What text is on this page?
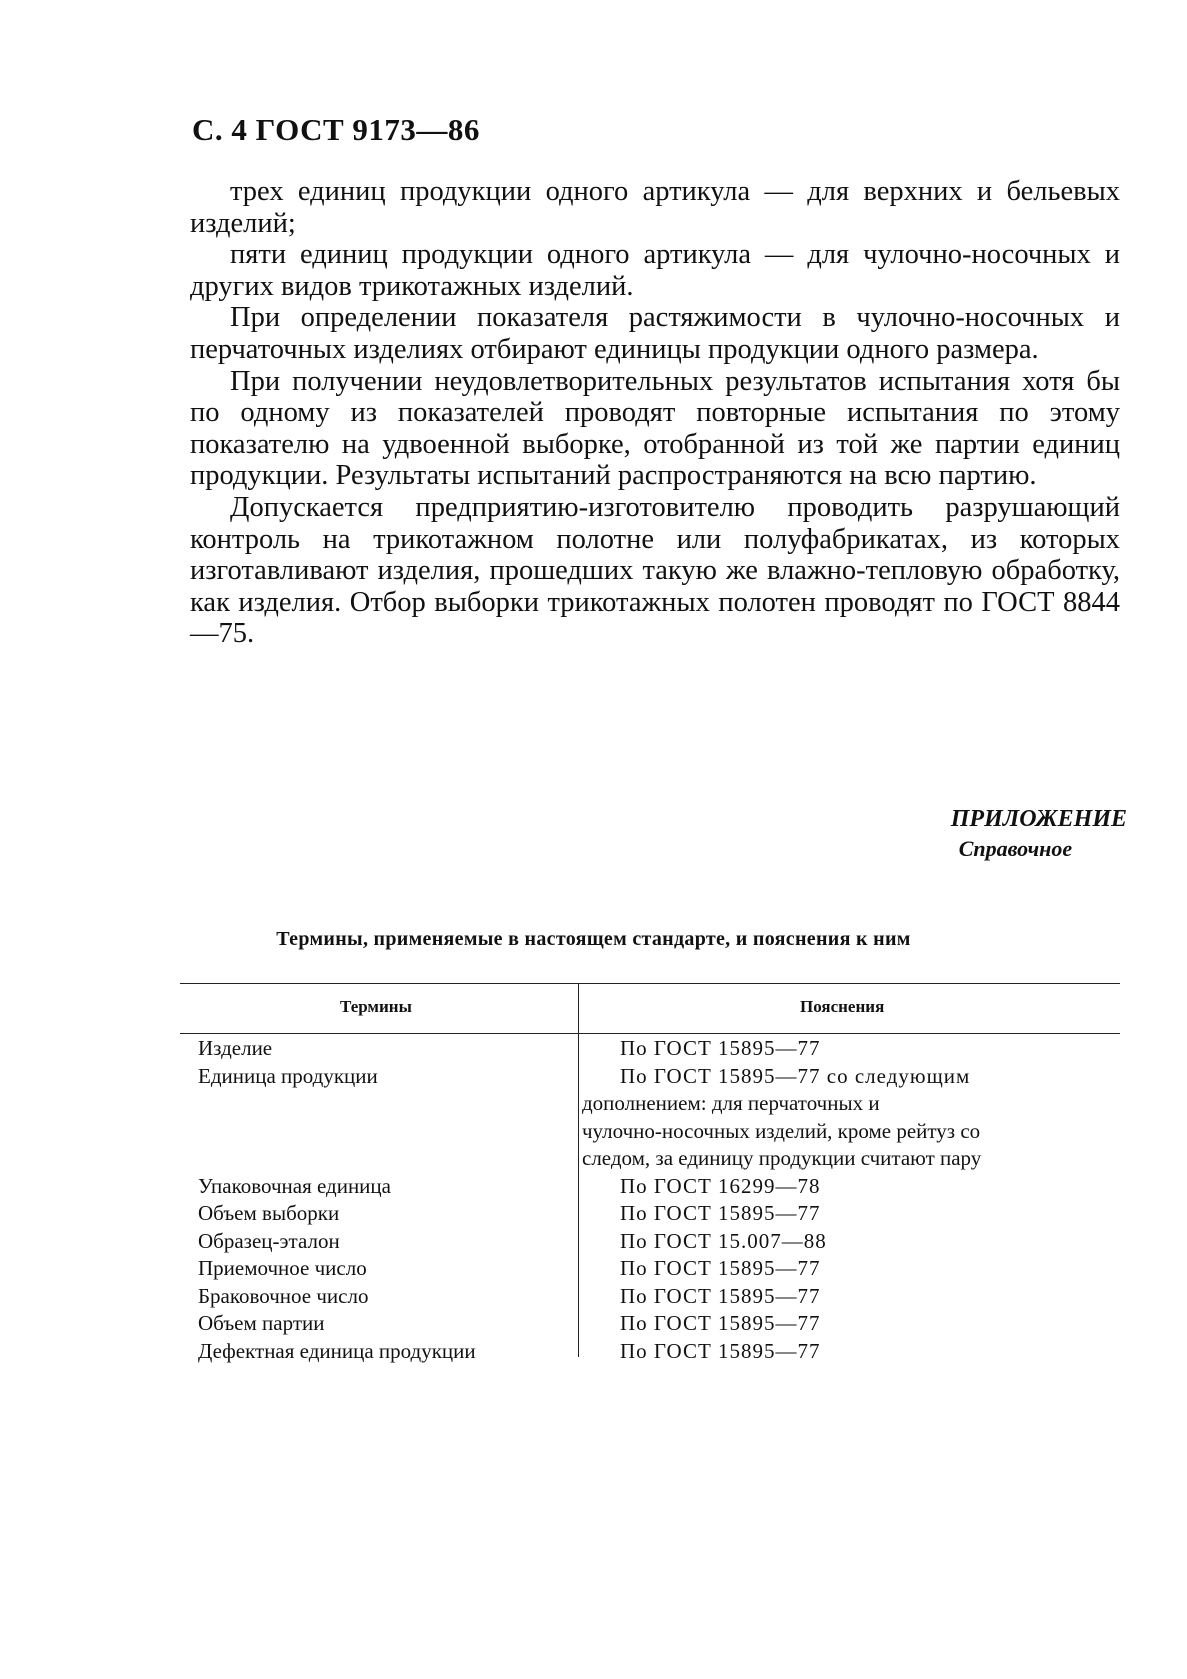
С. 4 ГОСТ 9173—86

трех единиц продукции одного артикула — для верхних и бельевых изделий;

пяти единиц продукции одного артикула — для чулочно-носочных и других видов трикотажных изделий.

При определении показателя растяжимости в чулочно-носочных и перчаточных изделиях отбирают единицы продукции одного размера.

При получении неудовлетворительных результатов испытания хотя бы по одному из показателей проводят повторные испытания по этому показателю на удвоенной выборке, отобранной из той же партии единиц продукции. Результаты испытаний распространяются на всю партию.

Допускается предприятию-изготовителю проводить разрушающий контроль на трикотажном полотне или полуфабрикатах, из которых изготавливают изделия, прошедших такую же влажно-тепловую обработку, как изделия. Отбор выборки трикотажных полотен проводят по ГОСТ 8844—75.

ПРИЛОЖЕНИЕ
Справочное
Термины, применяемые в настоящем стандарте, и пояснения к ним
Термины	Пояснения
Изделие	По ГОСТ 15895—77
Единица продукции	По ГОСТ 15895—77 со следующим
дополнением: для перчаточных и
чулочно-носочных изделий, кроме рейтуз со
следом, за единицу продукции считают пару
Упаковочная единица	По ГОСТ 16299—78
Объем выборки	По ГОСТ 15895—77
Образец-эталон	По ГОСТ 15.007—88
Приемочное число	По ГОСТ 15895—77
Браковочное число	По ГОСТ 15895—77
Объем партии	По ГОСТ 15895—77
Дефектная единица продукции	По ГОСТ 15895—77
